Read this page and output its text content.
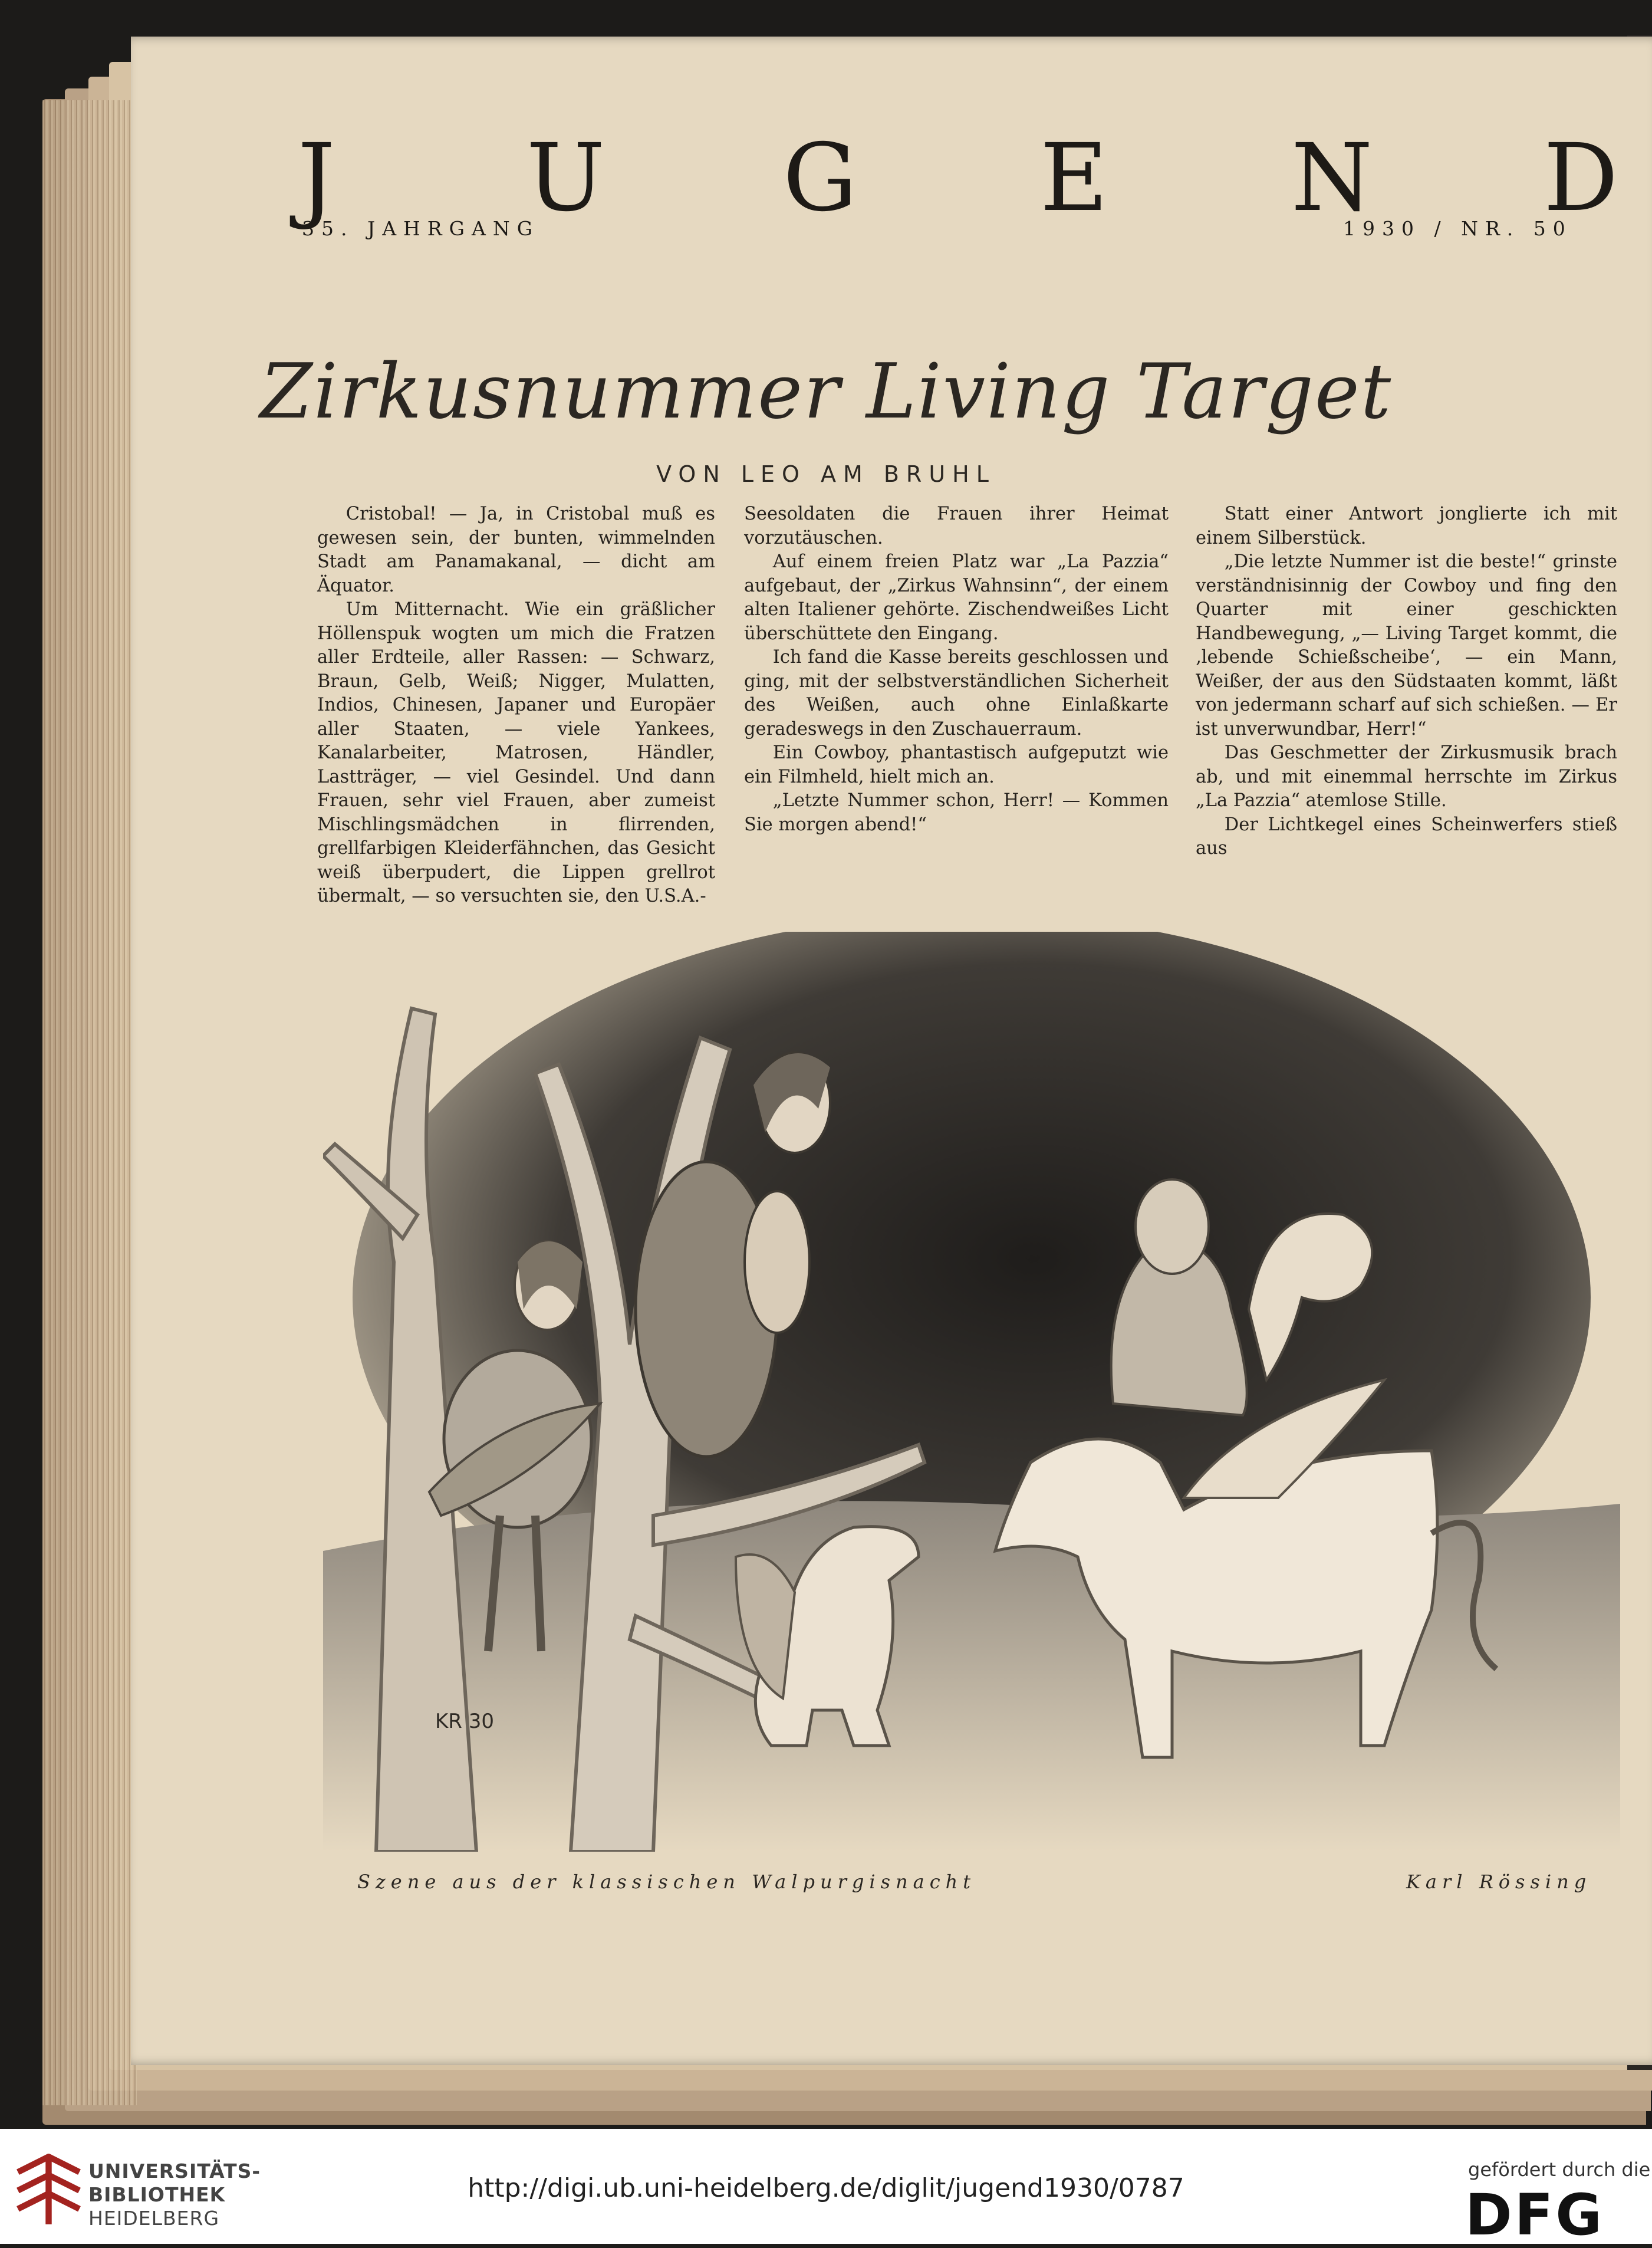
J U G E N D
35. JAHRGANG	1930 / NR. 50
Zirkusnummer Living Target
VON LEO AM BRUHL

Cristobal! — Ja, in Cristobal muß es gewesen sein, der bunten, wimmelnden Stadt am Panamakanal, — dicht am Äquator.

Um Mitternacht. Wie ein gräßlicher Höllenspuk wogten um mich die Fratzen aller Erdteile, aller Rassen: — Schwarz, Braun, Gelb, Weiß; Nigger, Mulatten, Indios, Chinesen, Japaner und Europäer aller Staaten, — viele Yankees, Kanalarbeiter, Matrosen, Händler, Lastträger, — viel Gesindel. Und dann Frauen, sehr viel Frauen, aber zumeist Mischlingsmädchen in flirrenden, grellfarbigen Kleiderfähnchen, das Gesicht weiß überpudert, die Lippen grellrot übermalt, — so versuchten sie, den U.S.A.-

Seesoldaten die Frauen ihrer Heimat vorzutäuschen.

Auf einem freien Platz war „La Pazzia“ aufgebaut, der „Zirkus Wahnsinn“, der einem alten Italiener gehörte. Zischendweißes Licht überschüttete den Eingang.

Ich fand die Kasse bereits geschlossen und ging, mit der selbstverständlichen Sicherheit des Weißen, auch ohne Einlaßkarte geradeswegs in den Zuschauerraum.

Ein Cowboy, phantastisch aufgeputzt wie ein Filmheld, hielt mich an.

„Letzte Nummer schon, Herr! — Kommen Sie morgen abend!“

Statt einer Antwort jonglierte ich mit einem Silberstück.

„Die letzte Nummer ist die beste!“ grinste verständnisinnig der Cowboy und fing den Quarter mit einer geschickten Handbewegung, „— Living Target kommt, die ‚lebende Schießscheibe‘, — ein Mann, Weißer, der aus den Südstaaten kommt, läßt von jedermann scharf auf sich schießen. — Er ist unverwundbar, Herr!“

Das Geschmetter der Zirkusmusik brach ab, und mit einemmal herrschte im Zirkus „La Pazzia“ atemlose Stille.

Der Lichtkegel eines Scheinwerfers stieß aus

KR 30
Szene aus der klassischen Walpurgisnacht	Karl Rössing
UNIVERSITÄTS-
BIBLIOTHEK
HEIDELBERG
http://digi.ub.uni-heidelberg.de/diglit/jugend1930/0787
gefördert durch die
DFG
